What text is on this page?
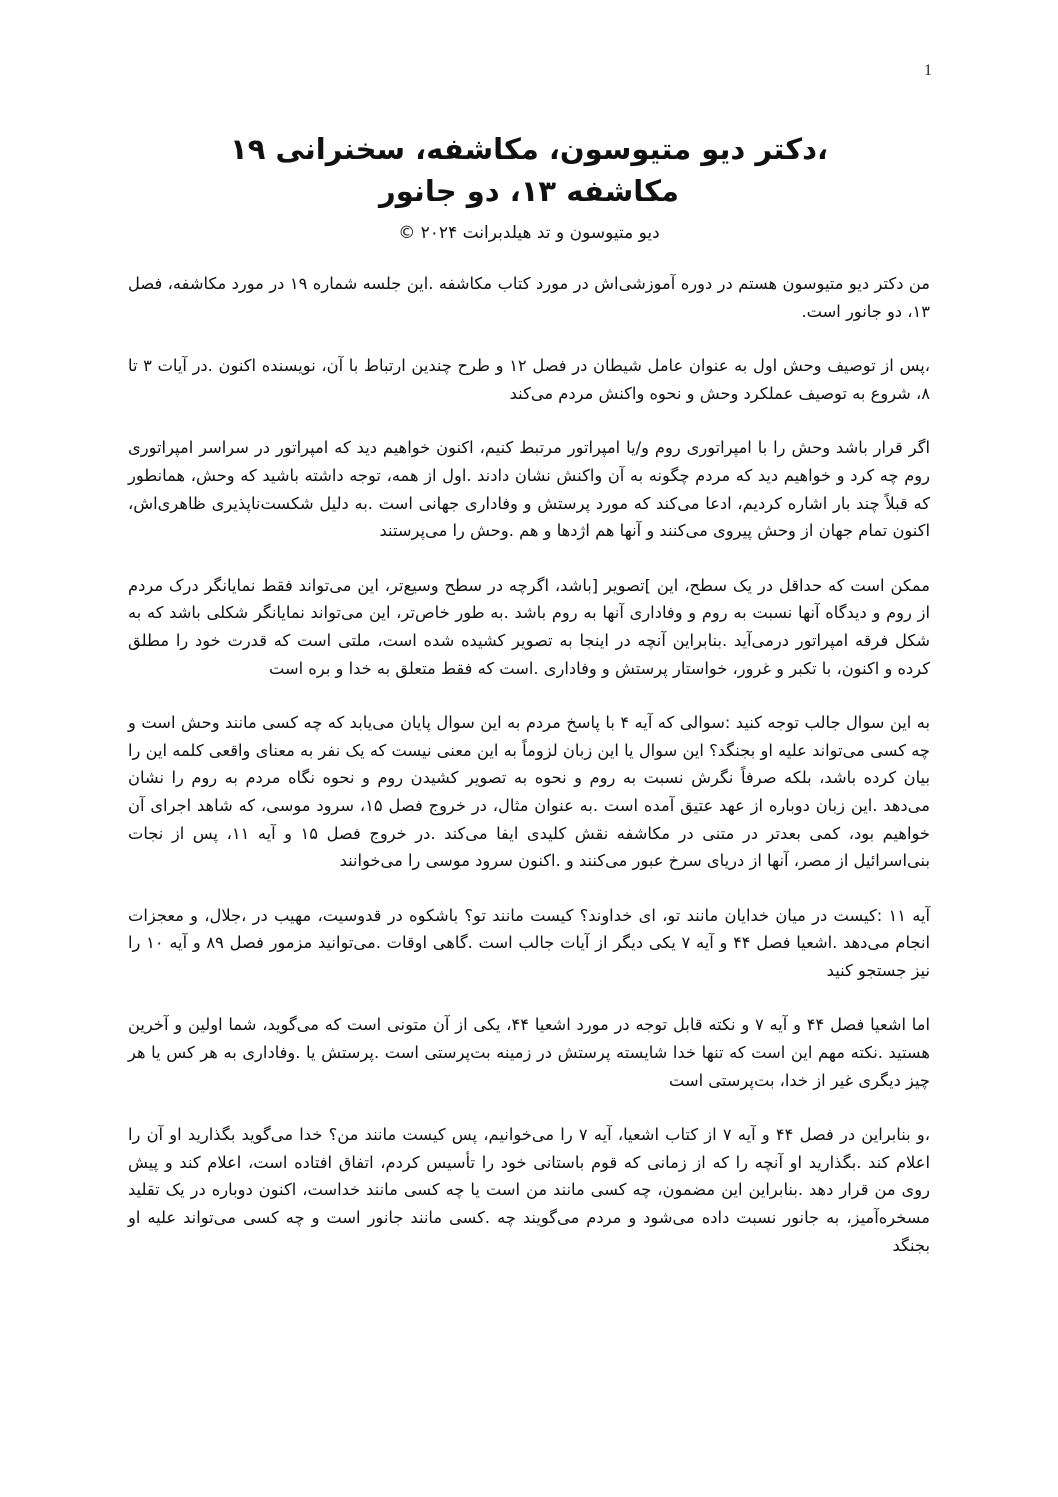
1
،دکتر دیو متیوسون، مکاشفه، سخنرانی ۱۹
مکاشفه ۱۳، دو جانور

دیو متیوسون و تد هیلدبرانت ۲۰۲۴ ©

من دکتر دیو متیوسون هستم در دوره آموزشی‌اش در مورد کتاب مکاشفه .این جلسه شماره ۱۹ در مورد مکاشفه، فصل ۱۳، دو جانور است.

،پس از توصیف وحش اول به عنوان عامل شیطان در فصل ۱۲ و طرح چندین ارتباط با آن، نویسنده اکنون .در آیات ۳ تا ۸، شروع به توصیف عملکرد وحش و نحوه واکنش مردم می‌کند

اگر قرار باشد وحش را با امپراتوری روم و/یا امپراتور مرتبط کنیم، اکنون خواهیم دید که امپراتور در سراسر امپراتوری روم چه کرد و خواهیم دید که مردم چگونه به آن واکنش نشان دادند .اول از همه، توجه داشته باشید که وحش، همانطور که قبلاً چند بار اشاره کردیم، ادعا می‌کند که مورد پرستش و وفاداری جهانی است .به دلیل شکست‌ناپذیری ظاهری‌اش، اکنون تمام جهان از وحش پیروی می‌کنند و آنها هم اژدها و هم .وحش را می‌پرستند

ممکن است که حداقل در یک سطح، این ]تصویر [باشد، اگرچه در سطح وسیع‌تر، این می‌تواند فقط نمایانگر درک مردم از روم و دیدگاه آنها نسبت به روم و وفاداری آنها به روم باشد .به طور خاص‌تر، این می‌تواند نمایانگر شکلی باشد که به شکل فرقه امپراتور درمی‌آید .بنابراین آنچه در اینجا به تصویر کشیده شده است، ملتی است که قدرت خود را مطلق کرده و اکنون، با تکبر و غرور، خواستار پرستش و وفاداری .است که فقط متعلق به خدا و بره است

به این سوال جالب توجه کنید :سوالی که آیه ۴ با پاسخ مردم به این سوال پایان می‌یابد که چه کسی مانند وحش است و چه کسی می‌تواند علیه او بجنگد؟ این سوال یا این زبان لزوماً به این معنی نیست که یک نفر به معنای واقعی کلمه این را بیان کرده باشد، بلکه صرفاً نگرش نسبت به روم و نحوه به تصویر کشیدن روم و نحوه نگاه مردم به روم را نشان می‌دهد .این زبان دوباره از عهد عتیق آمده است .به عنوان مثال، در خروج فصل ۱۵، سرود موسی، که شاهد اجرای آن خواهیم بود، کمی بعدتر در متنی در مکاشفه نقش کلیدی ایفا می‌کند .در خروج فصل ۱۵ و آیه ۱۱، پس از نجات بنی‌اسرائیل از مصر، آنها از دریای سرخ عبور می‌کنند و .اکنون سرود موسی را می‌خوانند

آیه ۱۱ :کیست در میان خدایان مانند تو، ای خداوند؟ کیست مانند تو؟ باشکوه در قدوسیت، مهیب در ،جلال، و معجزات انجام می‌دهد .اشعیا فصل ۴۴ و آیه ۷ یکی دیگر از آیات جالب است .گاهی اوقات .می‌توانید مزمور فصل ۸۹ و آیه ۱۰ را نیز جستجو کنید

اما اشعیا فصل ۴۴ و آیه ۷ و نکته قابل توجه در مورد اشعیا ۴۴، یکی از آن متونی است که می‌گوید، شما اولین و آخرین هستید .نکته مهم این است که تنها خدا شایسته پرستش در زمینه بت‌پرستی است .پرستش یا .وفاداری به هر کس یا هر چیز دیگری غیر از خدا، بت‌پرستی است

،و بنابراین در فصل ۴۴ و آیه ۷ از کتاب اشعیا، آیه ۷ را می‌خوانیم، پس کیست مانند من؟ خدا می‌گوید بگذارید او آن را اعلام کند .بگذارید او آنچه را که از زمانی که قوم باستانی خود را تأسیس کردم، اتفاق افتاده است، اعلام کند و پیش روی من قرار دهد .بنابراین این مضمون، چه کسی مانند من است یا چه کسی مانند خداست، اکنون دوباره در یک تقلید مسخره‌آمیز، به جانور نسبت داده می‌شود و مردم می‌گویند چه .کسی مانند جانور است و چه کسی می‌تواند علیه او بجنگد
